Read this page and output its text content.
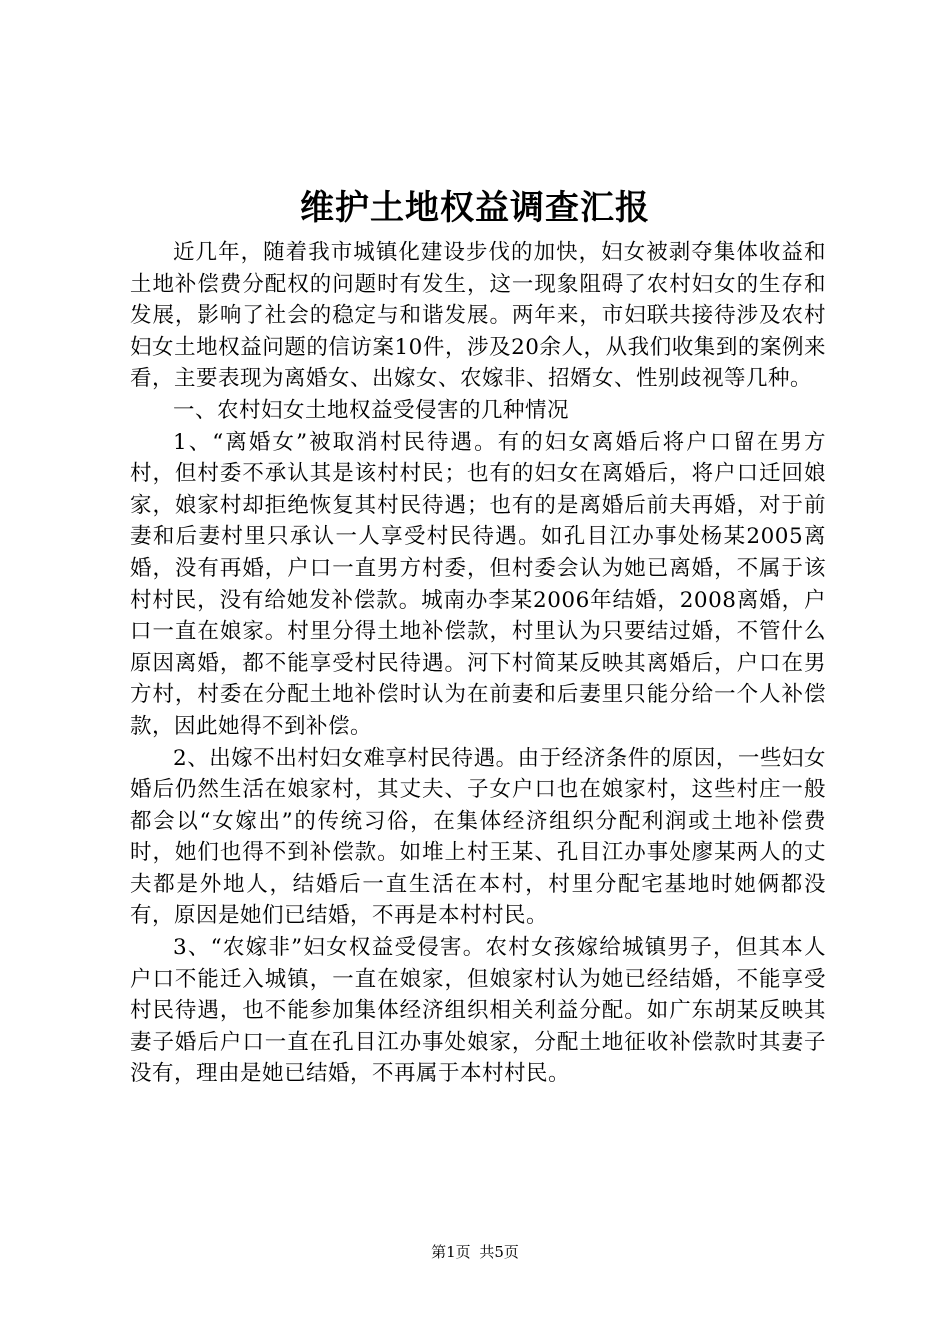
维护土地权益调查汇报

近几年，随着我市城镇化建设步伐的加快，妇女被剥夺集体收益和土地补偿费分配权的问题时有发生，这一现象阻碍了农村妇女的生存和发展，影响了社会的稳定与和谐发展。两年来，市妇联共接待涉及农村妇女土地权益问题的信访案10件，涉及20余人，从我们收集到的案例来看，主要表现为离婚女、出嫁女、农嫁非、招婿女、性别歧视等几种。

一、农村妇女土地权益受侵害的几种情况

1、“离婚女”被取消村民待遇。有的妇女离婚后将户口留在男方村，但村委不承认其是该村村民；也有的妇女在离婚后，将户口迁回娘家，娘家村却拒绝恢复其村民待遇；也有的是离婚后前夫再婚，对于前妻和后妻村里只承认一人享受村民待遇。如孔目江办事处杨某2005离婚，没有再婚，户口一直男方村委，但村委会认为她已离婚，不属于该村村民，没有给她发补偿款。城南办李某2006年结婚，2008离婚，户口一直在娘家。村里分得土地补偿款，村里认为只要结过婚，不管什么原因离婚，都不能享受村民待遇。河下村简某反映其离婚后，户口在男方村，村委在分配土地补偿时认为在前妻和后妻里只能分给一个人补偿款，因此她得不到补偿。

2、出嫁不出村妇女难享村民待遇。由于经济条件的原因，一些妇女婚后仍然生活在娘家村，其丈夫、子女户口也在娘家村，这些村庄一般都会以“女嫁出”的传统习俗，在集体经济组织分配利润或土地补偿费时，她们也得不到补偿款。如堆上村王某、孔目江办事处廖某两人的丈夫都是外地人，结婚后一直生活在本村，村里分配宅基地时她俩都没有，原因是她们已结婚，不再是本村村民。

3、“农嫁非”妇女权益受侵害。农村女孩嫁给城镇男子，但其本人户口不能迁入城镇，一直在娘家，但娘家村认为她已经结婚，不能享受村民待遇，也不能参加集体经济组织相关利益分配。如广东胡某反映其妻子婚后户口一直在孔目江办事处娘家，分配土地征收补偿款时其妻子没有，理由是她已结婚，不再属于本村村民。

第1页 共5页
